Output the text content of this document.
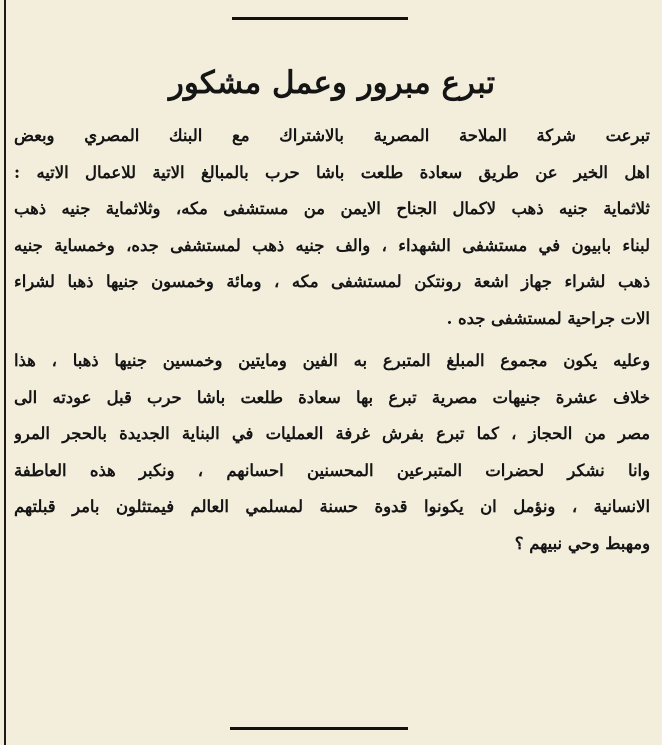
تبرع مبرور وعمل مشكور
تبرعت شركة الملاحة المصرية بالاشتراك مع البنك المصري وبعض
اهل الخير عن طريق سعادة طلعت باشا حرب بالمبالغ الاتية للاعمال الاتيه :
ثلاثماية جنيه ذهب لاكمال الجناح الايمن من مستشفى مكه، وثلاثماية جنيه ذهب
لبناء بابيون في مستشفى الشهداء ، والف جنيه ذهب لمستشفى جده، وخمساية جنيه
ذهب لشراء جهاز اشعة رونتكن لمستشفى مكه ، ومائة وخمسون جنيها ذهبا لشراء
الات جراحية لمستشفى جده .
وعليه يكون مجموع المبلغ المتبرع به الفين ومايتين وخمسين جنيها ذهبا ، هذا
خلاف عشرة جنيهات مصرية تبرع بها سعادة طلعت باشا حرب قبل عودته الى
مصر من الحجاز ، كما تبرع بفرش غرفة العمليات في البناية الجديدة بالحجر المرو
وانا نشكر لحضرات المتبرعين المحسنين احسانهم ، ونكبر هذه العاطفة
الانسانية ، ونؤمل ان يكونوا قدوة حسنة لمسلمي العالم فيمتثلون بامر قبلتهم
ومهبط وحي نبيهم ؟
